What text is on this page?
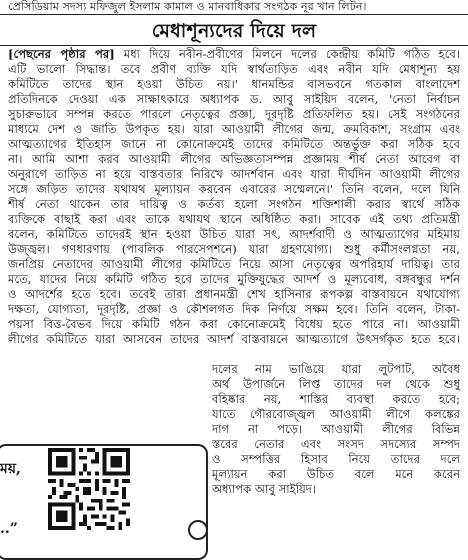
প্রেসিডিয়াম সদস্য মফিজুল ইসলাম কামাল ও মানবাধিকার সংগঠক নূর খান লিটন।
মেধাশূন্যদের দিয়ে দল
[পেছনের পৃষ্ঠার পর] মধ্য দিয়ে নবীন-প্রবীণের মিলনে দলের কেন্দ্রীয় কমিটি গঠিত হবে।
এটি ভালো সিদ্ধান্ত। তবে প্রবীণ ব্যক্তি যদি স্বার্থতাড়িত এবং নবীন যদি মেধাশূন্য হয়
কমিটিতে তাদের স্থান হওয়া উচিত নয়।' ধানমন্ডির বাসভবনে গতকাল বাংলাদেশ
প্রতিদিনকে দেওয়া এক সাক্ষাৎকারে অধ্যাপক ড. আবু সাইয়িদ বলেন, 'নেতা নির্বাচন
সুচারুভাবে সম্পন্ন করতে পারলে নেতৃত্বের প্রজ্ঞা, দূরদৃষ্টি প্রতিফলিত হয়। সেই সংগঠনের
মাধ্যমে দেশ ও জাতি উপকৃত হয়। যারা আওয়ামী লীগের জন্ম, ক্রমবিকাশ, সংগ্রাম এবং
আত্মত্যাগের ইতিহাস জানে না কোনোক্রমেই তাদের কমিটিতে অন্তর্ভুক্ত করা সঠিক হবে
না। আমি আশা করব আওয়ামী লীগের অভিজ্ঞতাসম্পন্ন প্রজ্ঞাময় শীর্ষ নেতা আবেগ বা
অনুরাগে তাড়িত না হয়ে বাস্তবতার নিরিখে আদর্শবান এবং যারা দীর্ঘদিন আওয়ামী লীগের
সঙ্গে জড়িত তাদের যথাযথ মূল্যায়ন করবেন এবারের সম্মেলনে।' তিনি বলেন, দলে যিনি
শীর্ষ নেতা থাকেন তার দায়িত্ব ও কর্তব্য হলো সংগঠন শক্তিশালী করার স্বার্থে সঠিক
ব্যক্তিকে বাছাই করা এবং তাকে যথাযথ স্থানে অধিষ্ঠিত করা। সাবেক এই তথ্য প্রতিমন্ত্রী
বলেন, কমিটিতে তাদেরই স্থান হওয়া উচিত যারা সৎ, আদর্শবাদী ও আত্মত্যাগের মহিমায়
উজ্জ্বল। গণধারণায় (পাবলিক পারসেপশনে) যারা গ্রহণযোগ্য। শুধু কর্মীসংলগ্নতা নয়,
জনপ্রিয় নেতাদের আওয়ামী লীগের কমিটিতে নিয়ে আসা নেতৃত্বের অপরিহার্য দায়িত্ব। তার
মতে, যাদের নিয়ে কমিটি গঠিত হবে তাদের মুক্তিযুদ্ধের আদর্শ ও মূল্যবোধ, বঙ্গবন্ধুর দর্শন
ও আদর্শের হতে হবে। তবেই তারা প্রধানমন্ত্রী শেখ হাসিনার রূপকল্প বাস্তবায়নে যথাযোগ্য
দক্ষতা, যোগ্যতা, দূরদৃষ্টি, প্রজ্ঞা ও কৌশলগত দিক নির্ণয়ে সক্ষম হবে। তিনি বলেন, টাকা-
পয়সা বিত্ত-বৈভব দিয়ে কমিটি গঠন করা কোনোক্রমেই বিধেয় হতে পারে না। আওয়ামী
লীগের কমিটিতে যারা আসবেন তাদের আদর্শ বাস্তবায়নে আত্মত্যাগে উৎসর্গকৃত হতে হবে।
দলের নাম ভাঙিয়ে যারা লুটপাট, অবৈধ
অর্থ উপার্জনে লিপ্ত তাদের দল থেকে শুধু
বহিষ্কার নয়, শাস্তির ব্যবস্থা করতে হবে;
যাতে গৌরবোজ্জ্বল আওয়ামী লীগে কলঙ্কের
দাগ না পড়ে। আওয়ামী লীগের বিভিন্ন
স্তরের নেতার এবং সংসদ সদস্যের সম্পদ
ও সম্পত্তির হিসাব নিয়ে তাদের দলে
মূল্যায়ন করা উচিত বলে মনে করেন
অধ্যাপক আবু সাইয়িদ।
ময়,
..”
